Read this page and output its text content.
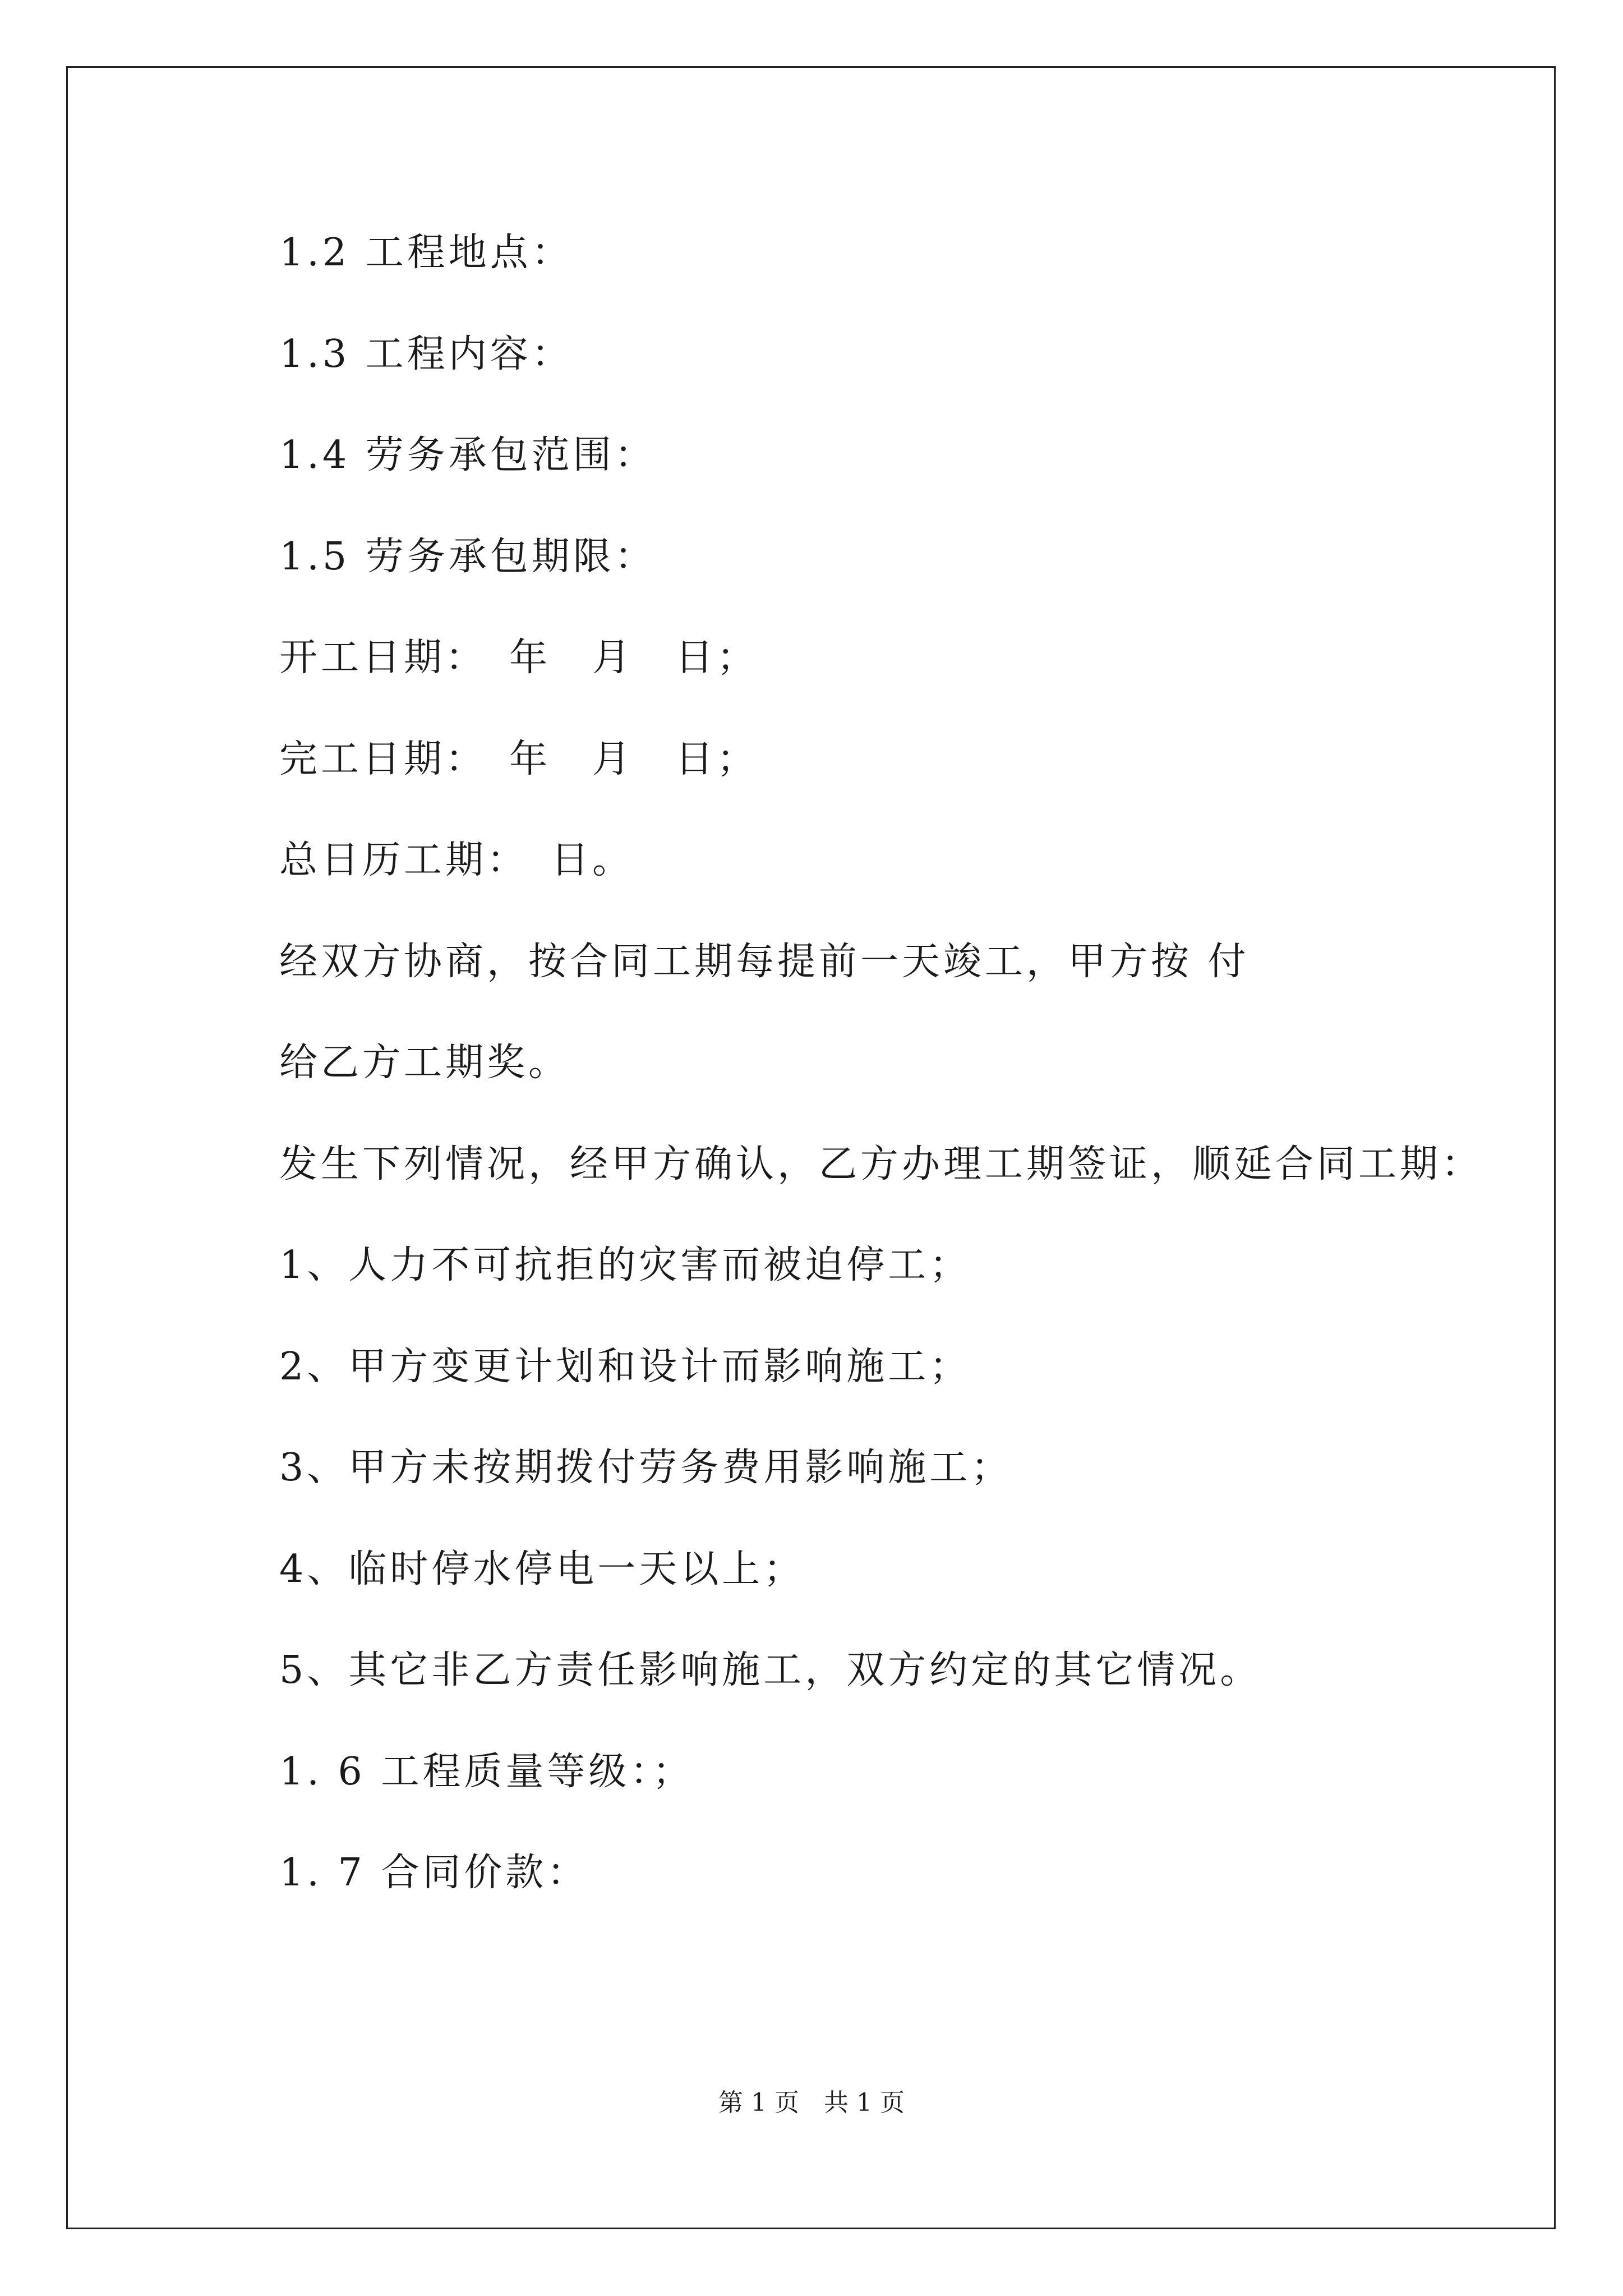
1.2 工程地点：
1.3 工程内容：
1.4 劳务承包范围：
1.5 劳务承包期限：
开工日期：　年　月　日；
完工日期：　年　月　日；
总日历工期：　日。
经双方协商，按合同工期每提前一天竣工，甲方按 付
给乙方工期奖。
发生下列情况，经甲方确认，乙方办理工期签证，顺延合同工期：
1、人力不可抗拒的灾害而被迫停工；
2、甲方变更计划和设计而影响施工；
3、甲方未按期拨付劳务费用影响施工；
4、临时停水停电一天以上；
5、其它非乙方责任影响施工，双方约定的其它情况。
1. 6 工程质量等级：；
1. 7 合同价款：
第 1 页　共 1 页
